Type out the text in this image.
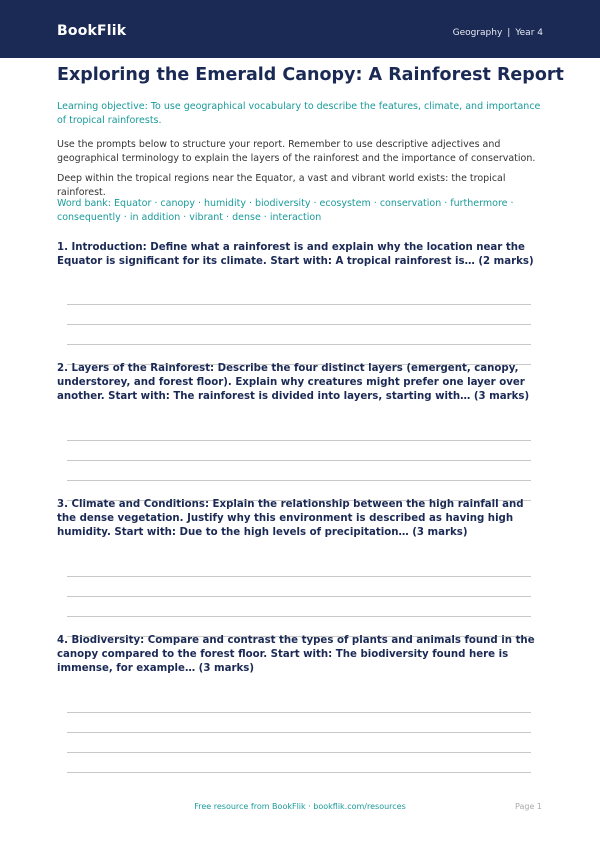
BookFlik	Geography | Year 4
Exploring the Emerald Canopy: A Rainforest Report

Learning objective: To use geographical vocabulary to describe the features, climate, and importance of tropical rainforests.

Use the prompts below to structure your report. Remember to use descriptive adjectives and geographical terminology to explain the layers of the rainforest and the importance of conservation.

Deep within the tropical regions near the Equator, a vast and vibrant world exists: the tropical rainforest.

Word bank: Equator · canopy · humidity · biodiversity · ecosystem · conservation · furthermore · consequently · in addition · vibrant · dense · interaction

1. Introduction: Define what a rainforest is and explain why the location near the Equator is significant for its climate. Start with: A tropical rainforest is… (2 marks)

2. Layers of the Rainforest: Describe the four distinct layers (emergent, canopy, understorey, and forest floor). Explain why creatures might prefer one layer over another. Start with: The rainforest is divided into layers, starting with… (3 marks)

3. Climate and Conditions: Explain the relationship between the high rainfall and the dense vegetation. Justify why this environment is described as having high humidity. Start with: Due to the high levels of precipitation… (3 marks)

4. Biodiversity: Compare and contrast the types of plants and animals found in the canopy compared to the forest floor. Start with: The biodiversity found here is immense, for example… (3 marks)

Free resource from BookFlik · bookflik.com/resources	Page 1
